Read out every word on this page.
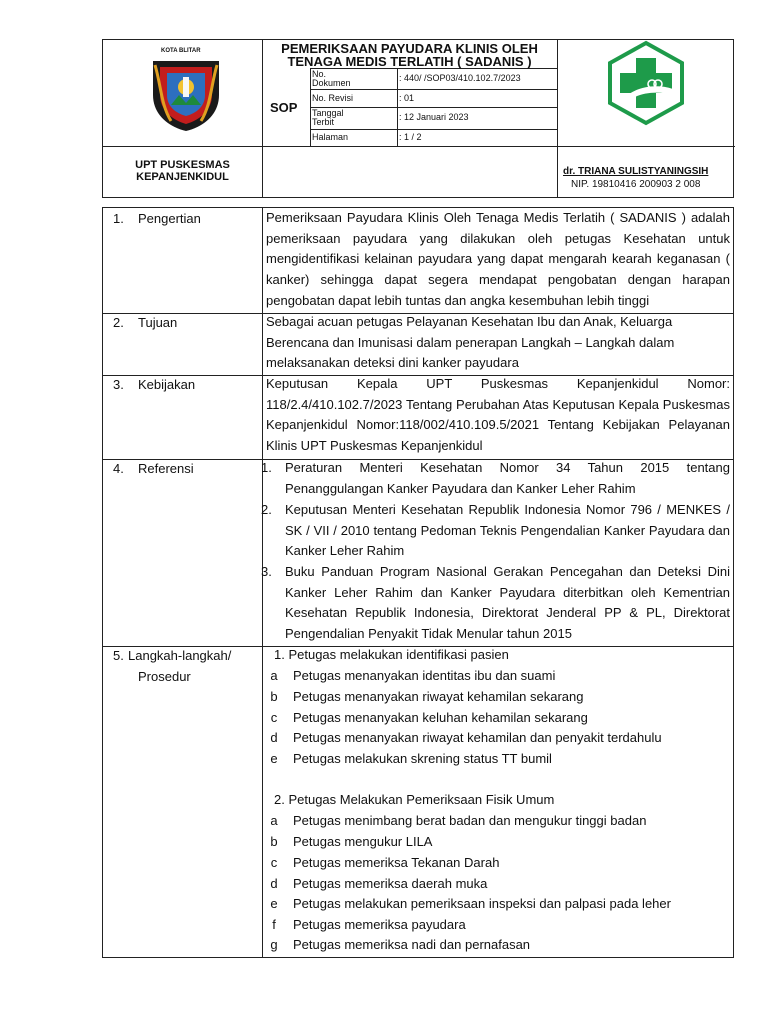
KOTA BLITAR
UPT PUSKESMAS
KEPANJENKIDUL
PEMERIKSAAN PAYUDARA KLINIS OLEH
TENAGA MEDIS TERLATIH ( SADANIS )
SOP
No.
Dokumen	: 440/ /SOP03/410.102.7/2023
No. Revisi	: 01
Tanggal
Terbit	: 12 Januari 2023
Halaman	: 1 / 2
dr. TRIANA SULISTYANINGSIH
NIP. 19810416 200903 2 008
1.	Pengertian	Pemeriksaan Payudara Klinis Oleh Tenaga Medis Terlatih ( SADANIS ) adalah pemeriksaan payudara yang dilakukan oleh petugas Kesehatan untuk mengidentifikasi kelainan payudara yang dapat mengarah kearah keganasan ( kanker) sehingga dapat segera mendapat pengobatan dengan harapan pengobatan dapat lebih tuntas dan angka kesembuhan lebih tinggi
2.	Tujuan	Sebagai acuan petugas Pelayanan Kesehatan Ibu dan Anak, Keluarga Berencana dan Imunisasi dalam penerapan Langkah – Langkah dalam melaksanakan deteksi dini kanker payudara
3.	Kebijakan	Keputusan Kepala UPT Puskesmas Kepanjenkidul Nomor: 118/2.4/410.102.7/2023 Tentang Perubahan Atas Keputusan Kepala Puskesmas Kepanjenkidul Nomor:118/002/410.109.5/2021 Tentang Kebijakan Pelayanan Klinis UPT Puskesmas Kepanjenkidul
4.	Referensi	1. Peraturan Menteri Kesehatan Nomor 34 Tahun 2015 tentang Penanggulangan Kanker Payudara dan Kanker Leher Rahim
2. Keputusan Menteri Kesehatan Republik Indonesia Nomor 796 / MENKES / SK / VII / 2010 tentang Pedoman Teknis Pengendalian Kanker Payudara dan Kanker Leher Rahim
3. Buku Panduan Program Nasional Gerakan Pencegahan dan Deteksi Dini Kanker Leher Rahim dan Kanker Payudara diterbitkan oleh Kementrian Kesehatan Republik Indonesia, Direktorat Jenderal PP & PL, Direktorat Pengendalian Penyakit Tidak Menular tahun 2015
5. Langkah-langkah/
Prosedur
1. Petugas melakukan identifikasi pasien
a Petugas menanyakan identitas ibu dan suami
b Petugas menanyakan riwayat kehamilan sekarang
c Petugas menanyakan keluhan kehamilan sekarang
d Petugas menanyakan riwayat kehamilan dan penyakit terdahulu
e Petugas melakukan skrening status TT bumil
2. Petugas Melakukan Pemeriksaan Fisik Umum
a Petugas menimbang berat badan dan mengukur tinggi badan
b Petugas mengukur LILA
c Petugas memeriksa Tekanan Darah
d Petugas memeriksa daerah muka
e Petugas melakukan pemeriksaan inspeksi dan palpasi pada leher
f	Petugas memeriksa payudara
g Petugas memeriksa nadi dan pernafasan
